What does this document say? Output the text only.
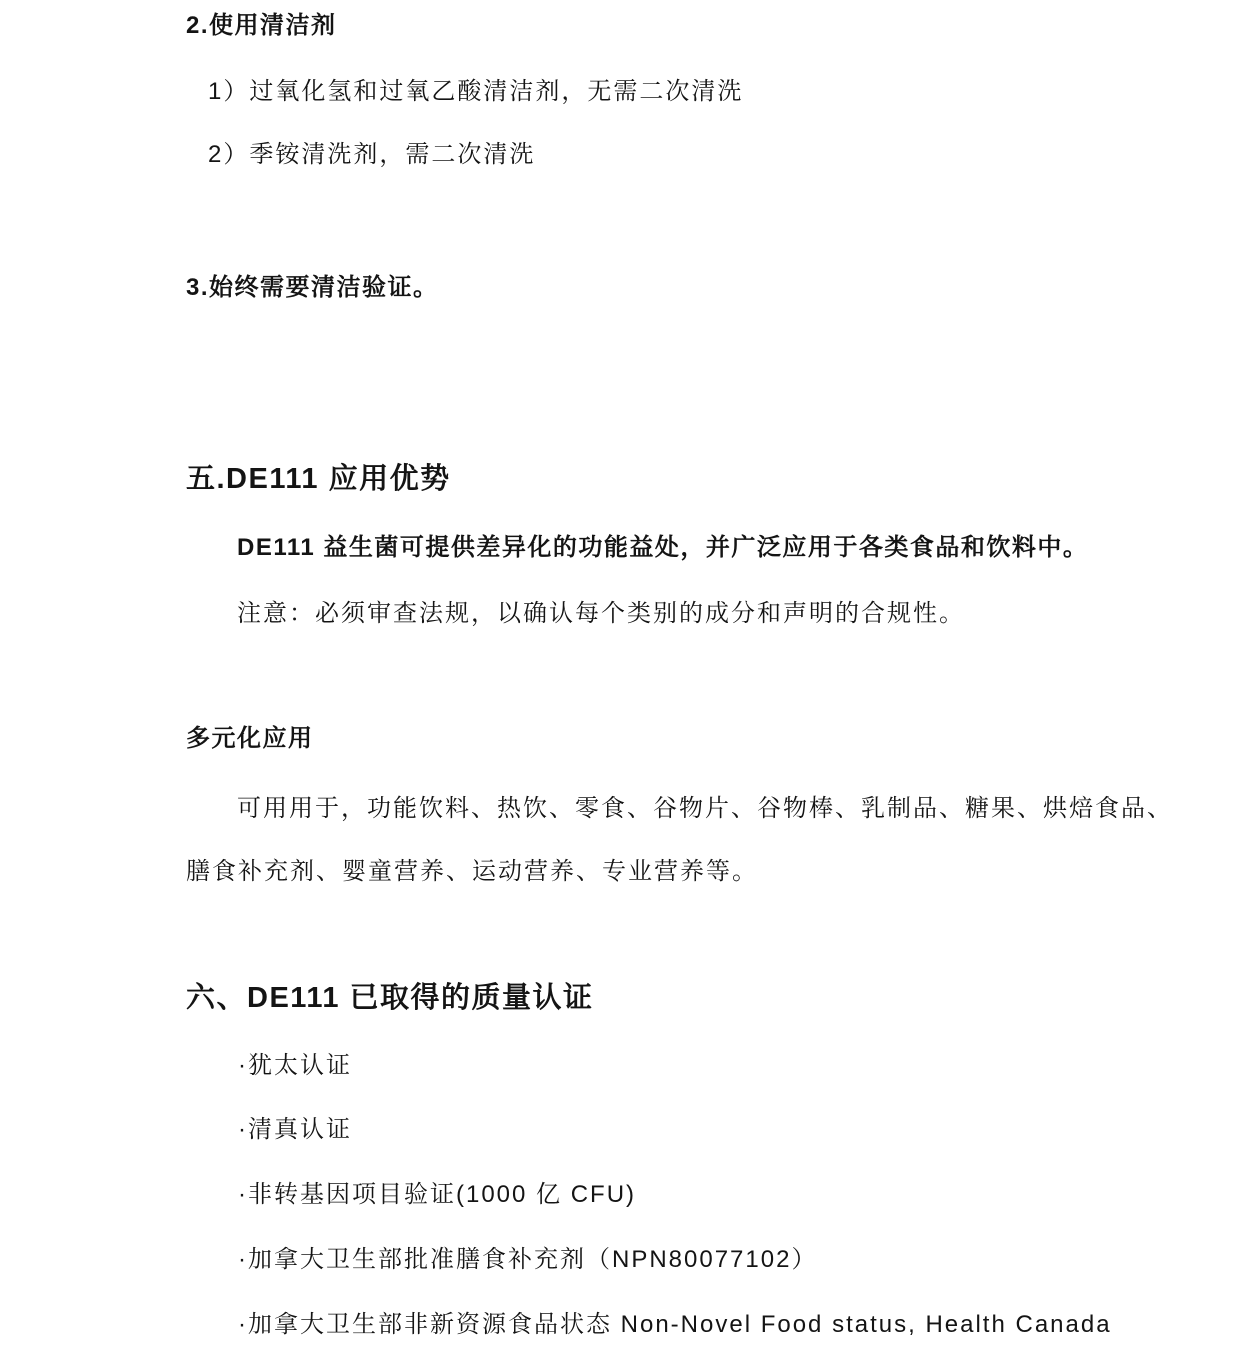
2.使用清洁剂

1）过氧化氢和过氧乙酸清洁剂，无需二次清洗

2）季铵清洗剂，需二次清洗

3.始终需要清洁验证。

五.DE111 应用优势

DE111 益生菌可提供差异化的功能益处，并广泛应用于各类食品和饮料中。

注意：必须审查法规，以确认每个类别的成分和声明的合规性。

多元化应用

可用用于，功能饮料、热饮、零食、谷物片、谷物棒、乳制品、糖果、烘焙食品、

膳食补充剂、婴童营养、运动营养、专业营养等。

六、DE111 已取得的质量认证

·犹太认证

·清真认证

·非转基因项目验证(1000 亿 CFU)

·加拿大卫生部批准膳食补充剂（NPN80077102）

·加拿大卫生部非新资源食品状态 Non-Novel Food status, Health Canada
